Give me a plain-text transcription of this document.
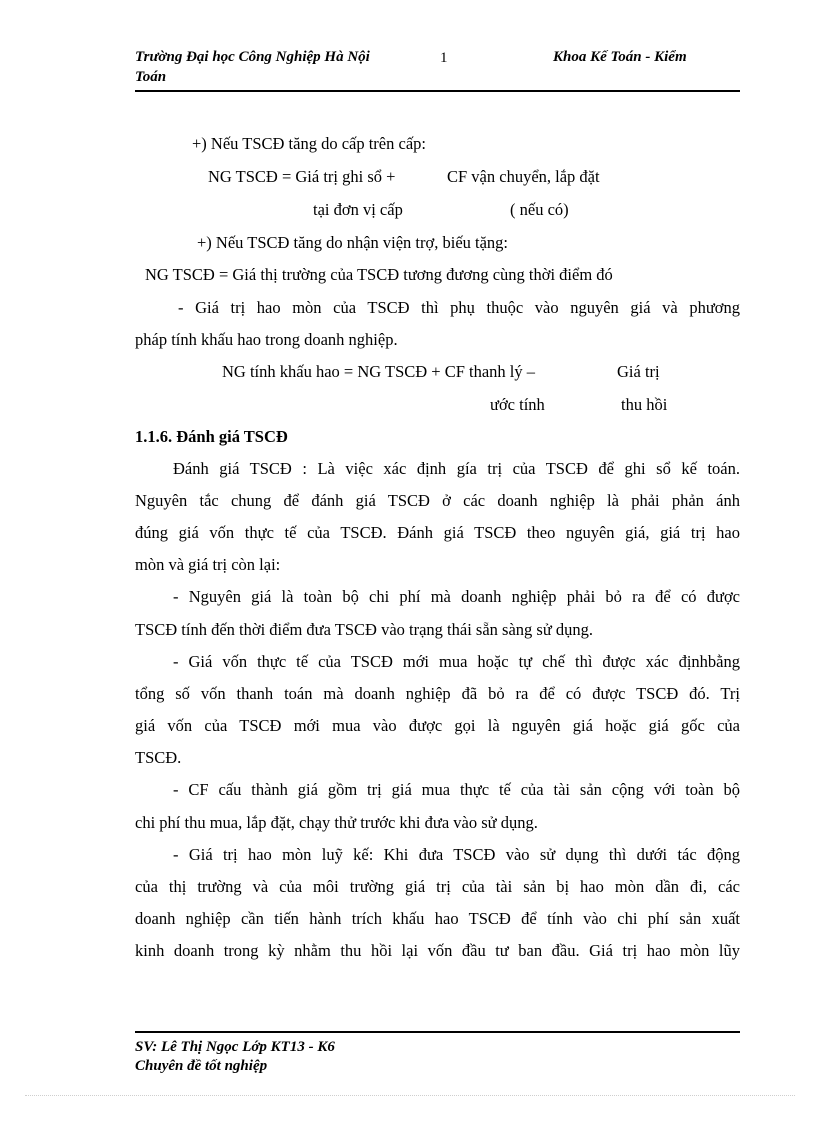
Trường Đại học Công Nghiệp Hà Nội
Toán
1	Khoa Kế Toán - Kiểm
+) Nếu TSCĐ tăng do cấp trên cấp:
NG TSCĐ = Giá trị ghi sổ +	CF vận chuyển, lắp đặt
tại đơn vị cấp	( nếu có)
+) Nếu TSCĐ tăng do nhận viện trợ, biếu tặng:
NG TSCĐ = Giá thị trường của TSCĐ tương đương cùng thời điểm đó
- Giá trị hao mòn của TSCĐ thì phụ thuộc vào nguyên giá và phương
pháp tính khấu hao trong doanh nghiệp.
NG tính khấu hao = NG TSCĐ + CF thanh lý –	Giá trị
ước tính	thu hồi
1.1.6. Đánh giá TSCĐ
Đánh giá TSCĐ : Là việc xác định gía trị của TSCĐ để ghi sổ kế toán.
Nguyên tắc chung để đánh giá TSCĐ ở các doanh nghiệp là phải phản ánh
đúng giá vốn thực tế của TSCĐ. Đánh giá TSCĐ theo nguyên giá, giá trị hao
mòn và giá trị còn lại:
- Nguyên giá là toàn bộ chi phí mà doanh nghiệp phải bỏ ra để có được
TSCĐ tính đến thời điểm đưa TSCĐ vào trạng thái sẵn sàng sử dụng.
- Giá vốn thực tế của TSCĐ mới mua hoặc tự chế thì được xác địnhbằng
tổng số vốn thanh toán mà doanh nghiệp đã bỏ ra để có được TSCĐ đó. Trị
giá vốn của TSCĐ mới mua vào được gọi là nguyên giá hoặc giá gốc của
TSCĐ.
- CF cấu thành giá gồm trị giá mua thực tế của tài sản cộng với toàn bộ
chi phí thu mua, lắp đặt, chạy thử trước khi đưa vào sử dụng.
- Giá trị hao mòn luỹ kế: Khi đưa TSCĐ vào sử dụng thì dưới tác động
của thị trường và của môi trường giá trị của tài sản bị hao mòn dần đi, các
doanh nghiệp cần tiến hành trích khấu hao TSCĐ để tính vào chi phí sản xuất
kinh doanh trong kỳ nhằm thu hồi lại vốn đầu tư ban đầu. Giá trị hao mòn lũy
SV: Lê Thị Ngọc Lớp KT13 - K6
Chuyên đề tốt nghiệp
